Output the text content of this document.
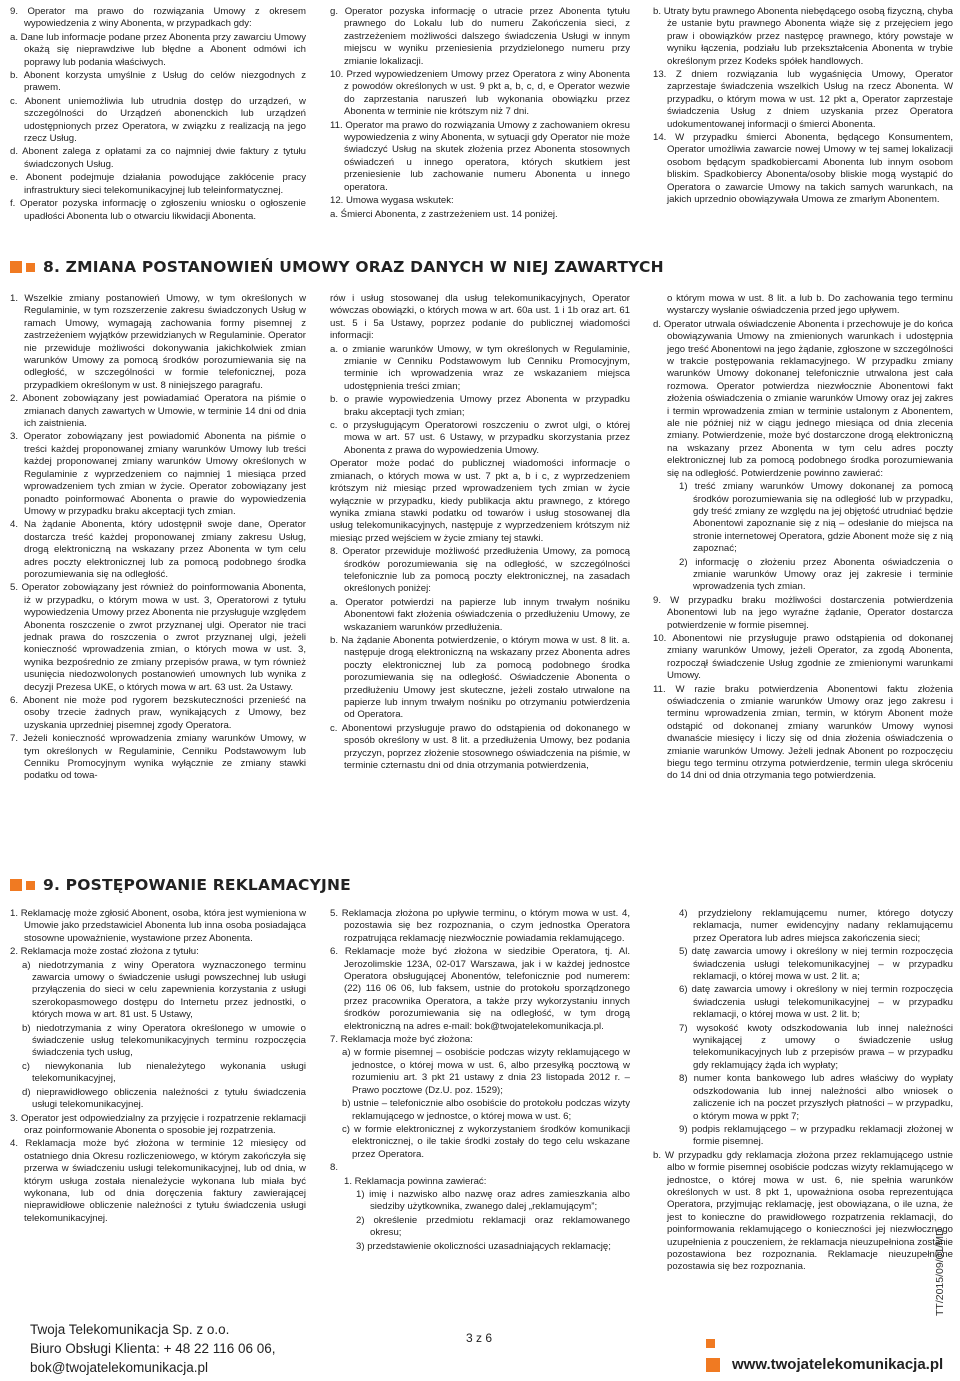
9. Operator ma prawo do rozwiązania Umowy z okresem wypowiedzenia z winy Abonenta, w przypadkach gdy:

a. Dane lub informacje podane przez Abonenta przy zawarciu Umowy okażą się nieprawdziwe lub błędne a Abonent odmówi ich poprawy lub podania właściwych.

b. Abonent korzysta umyślnie z Usług do celów niezgodnych z prawem.

c. Abonent uniemożliwia lub utrudnia dostęp do urządzeń, w szczególności do Urządzeń abonenckich lub urządzeń udostępnionych przez Operatora, w związku z realizacją na jego rzecz Usług.

d. Abonent zalega z opłatami za co najmniej dwie faktury z tytułu świadczonych Usług.

e. Abonent podejmuje działania powodujące zakłócenie pracy infrastruktury sieci telekomunikacyjnej lub teleinformatycznej.

f. Operator pozyska informację o zgłoszeniu wniosku o ogłoszenie upadłości Abonenta lub o otwarciu likwidacji Abonenta.

g. Operator pozyska informację o utracie przez Abonenta tytułu prawnego do Lokalu lub do numeru Zakończenia sieci, z zastrzeżeniem możliwości dalszego świadczenia Usługi w innym miejscu w wyniku przeniesienia przydzielonego numeru przy zmianie lokalizacji.

10. Przed wypowiedzeniem Umowy przez Operatora z winy Abonenta z powodów określonych w ust. 9 pkt a, b, c, d, e Operator wezwie do zaprzestania naruszeń lub wykonania obowiązku przez Abonenta w terminie nie krótszym niż 7 dni.

11. Operator ma prawo do rozwiązania Umowy z zachowaniem okresu wypowiedzenia z winy Abonenta, w sytuacji gdy Operator nie może świadczyć Usług na skutek złożenia przez Abonenta stosownych oświadczeń u innego operatora, których skutkiem jest przeniesienie lub zachowanie numeru Abonenta u innego operatora.

12. Umowa wygasa wskutek:

a. Śmierci Abonenta, z zastrzeżeniem ust. 14 poniżej.

b. Utraty bytu prawnego Abonenta niebędącego osobą fizyczną, chyba że ustanie bytu prawnego Abonenta wiąże się z przejęciem jego praw i obowiązków przez następcę prawnego, który powstaje w wyniku łączenia, podziału lub przekształcenia Abonenta w trybie określonym przez Kodeks spółek handlowych.

13. Z dniem rozwiązania lub wygaśnięcia Umowy, Operator zaprzestaje świadczenia wszelkich Usług na rzecz Abonenta. W przypadku, o którym mowa w ust. 12 pkt a, Operator zaprzestaje świadczenia Usług z dniem uzyskania przez Operatora udokumentowanej informacji o śmierci Abonenta.

14. W przypadku śmierci Abonenta, będącego Konsumentem, Operator umożliwia zawarcie nowej Umowy w tej samej lokalizacji osobom będącym spadkobiercami Abonenta lub innym osobom bliskim. Spadkobiercy Abonenta/osoby bliskie mogą wystąpić do Operatora o zawarcie Umowy na takich samych warunkach, na jakich uprzednio obowiązywała Umowa ze zmarłym Abonentem.

8. ZMIANA POSTANOWIEŃ UMOWY ORAZ DANYCH W NIEJ ZAWARTYCH

1. Wszelkie zmiany postanowień Umowy, w tym określonych w Regulaminie, w tym rozszerzenie zakresu świadczonych Usług w ramach Umowy, wymagają zachowania formy pisemnej z zastrzeżeniem wyjątków przewidzianych w Regulaminie. Operator nie przewiduje możliwości dokonywania jakichkolwiek zmian warunków Umowy za pomocą środków porozumiewania się na odległość, w szczególności w formie telefonicznej, poza przypadkiem określonym w ust. 8 niniejszego paragrafu.

2. Abonent zobowiązany jest powiadamiać Operatora na piśmie o zmianach danych zawartych w Umowie, w terminie 14 dni od dnia ich zaistnienia.

3. Operator zobowiązany jest powiadomić Abonenta na piśmie o treści każdej proponowanej zmiany warunków Umowy lub treści każdej proponowanej zmiany warunków Umowy określonych w Regulaminie z wyprzedzeniem co najmniej 1 miesiąca przed wprowadzeniem tych zmian w życie. Operator zobowiązany jest ponadto poinformować Abonenta o prawie do wypowiedzenia Umowy w przypadku braku akceptacji tych zmian.

4. Na żądanie Abonenta, który udostępnił swoje dane, Operator dostarcza treść każdej proponowanej zmiany zakresu Usług, drogą elektroniczną na wskazany przez Abonenta w tym celu adres poczty elektronicznej lub za pomocą podobnego środka porozumiewania się na odległość.

5. Operator zobowiązany jest również do poinformowania Abonenta, iż w przypadku, o którym mowa w ust. 3, Operatorowi z tytułu wypowiedzenia Umowy przez Abonenta nie przysługuje względem Abonenta roszczenie o zwrot przyznanej ulgi. Operator nie traci jednak prawa do roszczenia o zwrot przyznanej ulgi, jeżeli konieczność wprowadzenia zmian, o których mowa w ust. 3, wynika bezpośrednio ze zmiany przepisów prawa, w tym również usunięcia niedozwolonych postanowień umownych lub wynika z decyzji Prezesa UKE, o których mowa w art. 63 ust. 2a Ustawy.

6. Abonent nie może pod rygorem bezskuteczności przenieść na osoby trzecie żadnych praw, wynikających z Umowy, bez uzyskania uprzedniej pisemnej zgody Operatora.

7. Jeżeli konieczność wprowadzenia zmiany warunków Umowy, w tym określonych w Regulaminie, Cenniku Podstawowym lub Cenniku Promocyjnym wynika wyłącznie ze zmiany stawki podatku od towa-

rów i usług stosowanej dla usług telekomunikacyjnych, Operator wówczas obowiązki, o których mowa w art. 60a ust. 1 i 1b oraz art. 61 ust. 5 i 5a Ustawy, poprzez podanie do publicznej wiadomości informacji:

a. o zmianie warunków Umowy, w tym określonych w Regulaminie, zmianie w Cenniku Podstawowym lub Cenniku Promocyjnym, terminie ich wprowadzenia wraz ze wskazaniem miejsca udostępnienia treści zmian;

b. o prawie wypowiedzenia Umowy przez Abonenta w przypadku braku akceptacji tych zmian;

c. o przysługującym Operatorowi roszczeniu o zwrot ulgi, o której mowa w art. 57 ust. 6 Ustawy, w przypadku skorzystania przez Abonenta z prawa do wypowiedzenia Umowy.

Operator może podać do publicznej wiadomości informacje o zmianach, o których mowa w ust. 7 pkt a, b i c, z wyprzedzeniem krótszym niż miesiąc przed wprowadzeniem tych zmian w życie wyłącznie w przypadku, kiedy publikacja aktu prawnego, z którego wynika zmiana stawki podatku od towarów i usług stosowanej dla usług telekomunikacyjnych, następuje z wyprzedzeniem krótszym niż miesiąc przed wejściem w życie zmiany tej stawki.

8. Operator przewiduje możliwość przedłużenia Umowy, za pomocą środków porozumiewania się na odległość, w szczególności telefonicznie lub za pomocą poczty elektronicznej, na zasadach określonych poniżej:

a. Operator potwierdzi na papierze lub innym trwałym nośniku Abonentowi fakt złożenia oświadczenia o przedłużeniu Umowy, ze wskazaniem warunków przedłużenia.

b. Na żądanie Abonenta potwierdzenie, o którym mowa w ust. 8 lit. a. następuje drogą elektroniczną na wskazany przez Abonenta adres poczty elektronicznej lub za pomocą podobnego środka porozumiewania się na odległość. Oświadczenie Abonenta o przedłużeniu Umowy jest skuteczne, jeżeli zostało utrwalone na papierze lub innym trwałym nośniku po otrzymaniu potwierdzenia od Operatora.

c. Abonentowi przysługuje prawo do odstąpienia od dokonanego w sposób określony w ust. 8 lit. a przedłużenia Umowy, bez podania przyczyn, poprzez złożenie stosownego oświadczenia na piśmie, w terminie czternastu dni od dnia otrzymania potwierdzenia,

o którym mowa w ust. 8 lit. a lub b. Do zachowania tego terminu wystarczy wysłanie oświadczenia przed jego upływem.

d. Operator utrwala oświadczenie Abonenta i przechowuje je do końca obowiązywania Umowy na zmienionych warunkach i udostępnia jego treść Abonentowi na jego żądanie, zgłoszone w szczególności w trakcie postępowania reklamacyjnego. W przypadku zmiany warunków Umowy dokonanej telefonicznie utrwalona jest cała rozmowa. Operator potwierdza niezwłocznie Abonentowi fakt złożenia oświadczenia o zmianie warunków Umowy oraz jej zakres i termin wprowadzenia zmian w terminie ustalonym z Abonentem, ale nie później niż w ciągu jednego miesiąca od dnia zlecenia zmiany. Potwierdzenie, może być dostarczone drogą elektroniczną na wskazany przez Abonenta w tym celu adres poczty elektronicznej lub za pomocą podobnego środka porozumiewania się na odległość. Potwierdzenie powinno zawierać:

1) treść zmiany warunków Umowy dokonanej za pomocą środków porozumiewania się na odległość lub w przypadku, gdy treść zmiany ze względu na jej objętość utrudniać będzie Abonentowi zapoznanie się z nią – odesłanie do miejsca na stronie internetowej Operatora, gdzie Abonent może się z nią zapoznać;

2) informację o złożeniu przez Abonenta oświadczenia o zmianie warunków Umowy oraz jej zakresie i terminie wprowadzenia tych zmian.

9. W przypadku braku możliwości dostarczenia potwierdzenia Abonentowi lub na jego wyraźne żądanie, Operator dostarcza potwierdzenie w formie pisemnej.

10. Abonentowi nie przysługuje prawo odstąpienia od dokonanej zmiany warunków Umowy, jeżeli Operator, za zgodą Abonenta, rozpoczął świadczenie Usług zgodnie ze zmienionymi warunkami Umowy.

11. W razie braku potwierdzenia Abonentowi faktu złożenia oświadczenia o zmianie warunków Umowy oraz jego zakresu i terminu wprowadzenia zmian, termin, w którym Abonent może odstąpić od dokonanej zmiany warunków Umowy wynosi dwanaście miesięcy i liczy się od dnia złożenia oświadczenia o zmianie warunków Umowy. Jeżeli jednak Abonent po rozpoczęciu biegu tego terminu otrzyma potwierdzenie, termin ulega skróceniu do 14 dni od dnia otrzymania tego potwierdzenia.

9. POSTĘPOWANIE REKLAMACYJNE

1. Reklamację może zgłosić Abonent, osoba, która jest wymieniona w Umowie jako przedstawiciel Abonenta lub inna osoba posiadająca stosowne upoważnienie, wystawione przez Abonenta.

2. Reklamacja może zostać złożona z tytułu:

a) niedotrzymania z winy Operatora wyznaczonego terminu zawarcia umowy o świadczenie usługi powszechnej lub usługi przyłączenia do sieci w celu zapewnienia korzystania z usługi szerokopasmowego dostępu do Internetu przez jednostki, o których mowa w art. 81 ust. 5 Ustawy,

b) niedotrzymania z winy Operatora określonego w umowie o świadczenie usług telekomunikacyjnych terminu rozpoczęcia świadczenia tych usług,

c) niewykonania lub nienależytego wykonania usługi telekomunikacyjnej,

d) nieprawidłowego obliczenia należności z tytułu świadczenia usługi telekomunikacyjnej.

3. Operator jest odpowiedzialny za przyjęcie i rozpatrzenie reklamacji oraz poinformowanie Abonenta o sposobie jej rozpatrzenia.

4. Reklamacja może być złożona w terminie 12 miesięcy od ostatniego dnia Okresu rozliczeniowego, w którym zakończyła się przerwa w świadczeniu usługi telekomunikacyjnej, lub od dnia, w którym usługa została nienależycie wykonana lub miała być wykonana, lub od dnia doręczenia faktury zawierającej nieprawidłowe obliczenie należności z tytułu świadczenia usługi telekomunikacyjnej.

5. Reklamacja złożona po upływie terminu, o którym mowa w ust. 4, pozostawia się bez rozpoznania, o czym jednostka Operatora rozpatrująca reklamację niezwłocznie powiadamia reklamującego.

6. Reklamacje może być złożona w siedzibie Operatora, tj. Al. Jerozolimskie 123A, 02-017 Warszawa, jak i w każdej jednostce Operatora obsługującej Abonentów, telefonicznie pod numerem: (22) 116 06 06, lub faksem, ustnie do protokołu sporządzonego przez pracownika Operatora, a także przy wykorzystaniu innych środków porozumiewania się na odległość, w tym drogą elektroniczną na adres e-mail: bok@twojatelekomunikacja.pl.

7. Reklamacja może być złożona:

a) w formie pisemnej – osobiście podczas wizyty reklamującego w jednostce, o której mowa w ust. 6, albo przesyłką pocztową w rozumieniu art. 3 pkt 21 ustawy z dnia 23 listopada 2012 r. – Prawo pocztowe (Dz.U. poz. 1529);

b) ustnie – telefonicznie albo osobiście do protokołu podczas wizyty reklamującego w jednostce, o której mowa w ust. 6;

c) w formie elektronicznej z wykorzystaniem środków komunikacji elektronicznej, o ile takie środki zostały do tego celu wskazane przez Operatora.

8.

1. Reklamacja powinna zawierać:

1) imię i nazwisko albo nazwę oraz adres zamieszkania albo siedziby użytkownika, zwanego dalej „reklamującym”;

2) określenie przedmiotu reklamacji oraz reklamowanego okresu;

3) przedstawienie okoliczności uzasadniających reklamację;

4) przydzielony reklamującemu numer, którego dotyczy reklamacja, numer ewidencyjny nadany reklamującemu przez Operatora lub adres miejsca zakończenia sieci;

5) datę zawarcia umowy i określony w niej termin rozpoczęcia świadczenia usługi telekomunikacyjnej – w przypadku reklamacji, o której mowa w ust. 2 lit. a;

6) datę zawarcia umowy i określony w niej termin rozpoczęcia świadczenia usługi telekomunikacyjnej – w przypadku reklamacji, o której mowa w ust. 2 lit. b;

7) wysokość kwoty odszkodowania lub innej należności wynikającej z umowy o świadczenie usług telekomunikacyjnych lub z przepisów prawa – w przypadku gdy reklamujący żąda ich wypłaty;

8) numer konta bankowego lub adres właściwy do wypłaty odszkodowania lub innej należności albo wniosek o zaliczenie ich na poczet przyszłych płatności – w przypadku, o którym mowa w ppkt 7;

9) podpis reklamującego – w przypadku reklamacji złożonej w formie pisemnej.

b. W przypadku gdy reklamacja złożona przez reklamującego ustnie albo w formie pisemnej osobiście podczas wizyty reklamującego w jednostce, o której mowa w ust. 6, nie spełnia warunków określonych w ust. 8 pkt 1, upoważniona osoba reprezentująca Operatora, przyjmując reklamację, jest obowiązana, o ile uzna, że jest to konieczne do prawidłowego rozpatrzenia reklamacji, do poinformowania reklamującego o konieczności jej niezwłocznego uzupełnienia z pouczeniem, że reklamacja nieuzupełniona zostanie pozostawiona bez rozpoznania. Reklamacje nieuzupełnione pozostawia się bez rozpoznania.

Twoja Telekomunikacja Sp. z o.o.
Biuro Obsługi Klienta: + 48 22 116 06 06,
bok@twojatelekomunikacja.pl
3 z 6
www.twojatelekomunikacja.pl
TT/2015/09/01/MD
